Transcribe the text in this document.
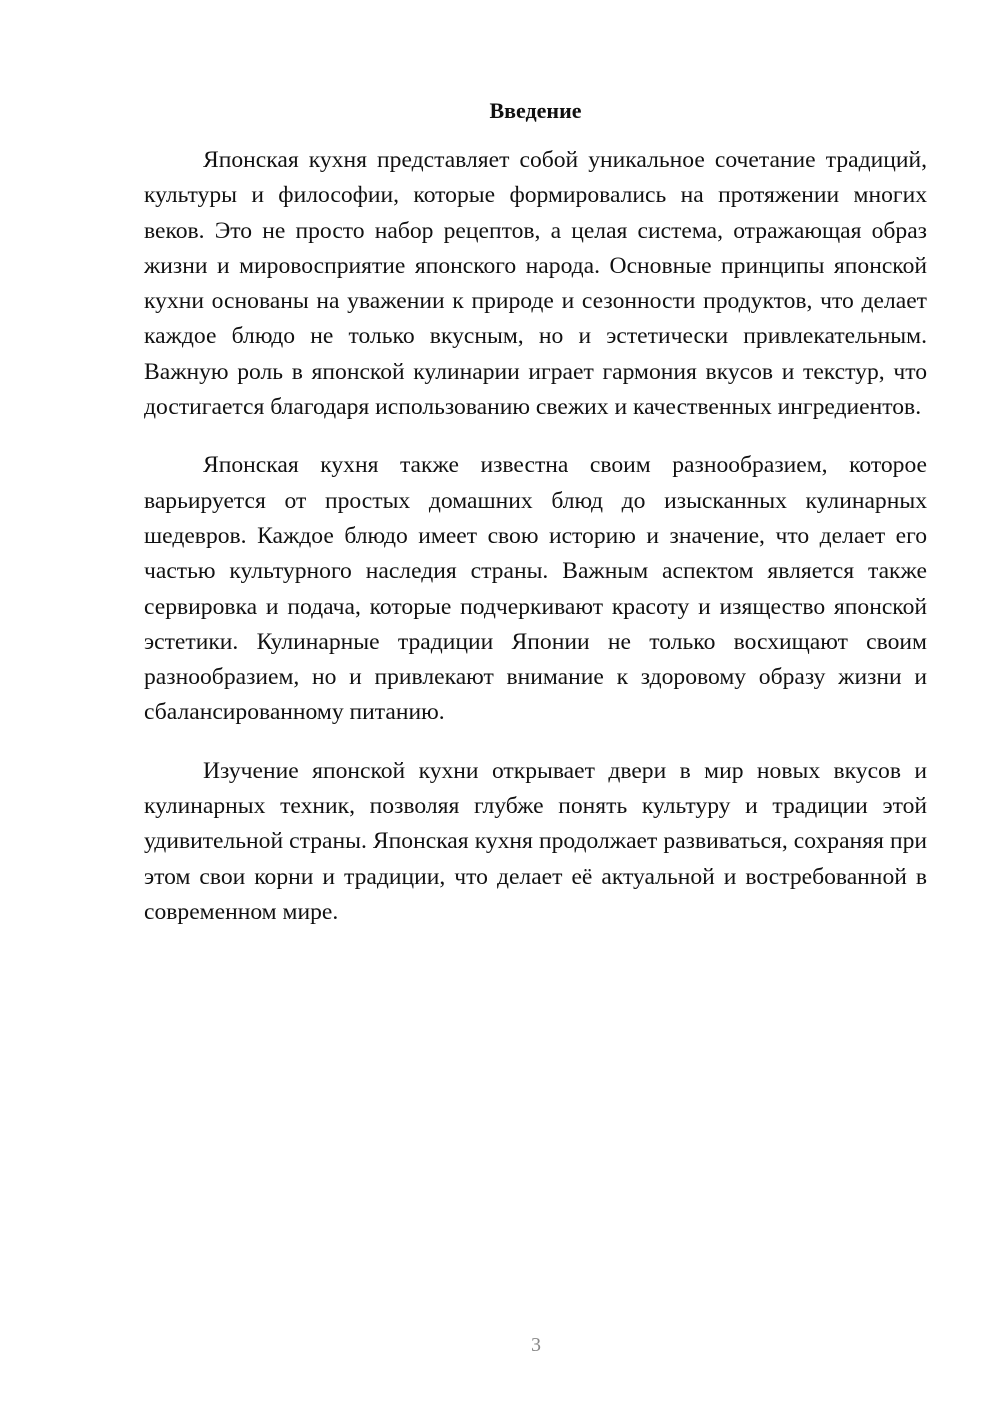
Введение

Японская кухня представляет собой уникальное сочетание традиций, культуры и философии, которые формировались на протяжении многих веков. Это не просто набор рецептов, а целая система, отражающая образ жизни и мировосприятие японского народа. Основные принципы японской кухни основаны на уважении к природе и сезонности продуктов, что делает каждое блюдо не только вкусным, но и эстетически привлекательным. Важную роль в японской кулинарии играет гармония вкусов и текстур, что достигается благодаря использованию свежих и качественных ингредиентов.

Японская кухня также известна своим разнообразием, которое варьируется от простых домашних блюд до изысканных кулинарных шедевров. Каждое блюдо имеет свою историю и значение, что делает его частью культурного наследия страны. Важным аспектом является также сервировка и подача, которые подчеркивают красоту и изящество японской эстетики. Кулинарные традиции Японии не только восхищают своим разнообразием, но и привлекают внимание к здоровому образу жизни и сбалансированному питанию.

Изучение японской кухни открывает двери в мир новых вкусов и кулинарных техник, позволяя глубже понять культуру и традиции этой удивительной страны. Японская кухня продолжает развиваться, сохраняя при этом свои корни и традиции, что делает её актуальной и востребованной в современном мире.

3
